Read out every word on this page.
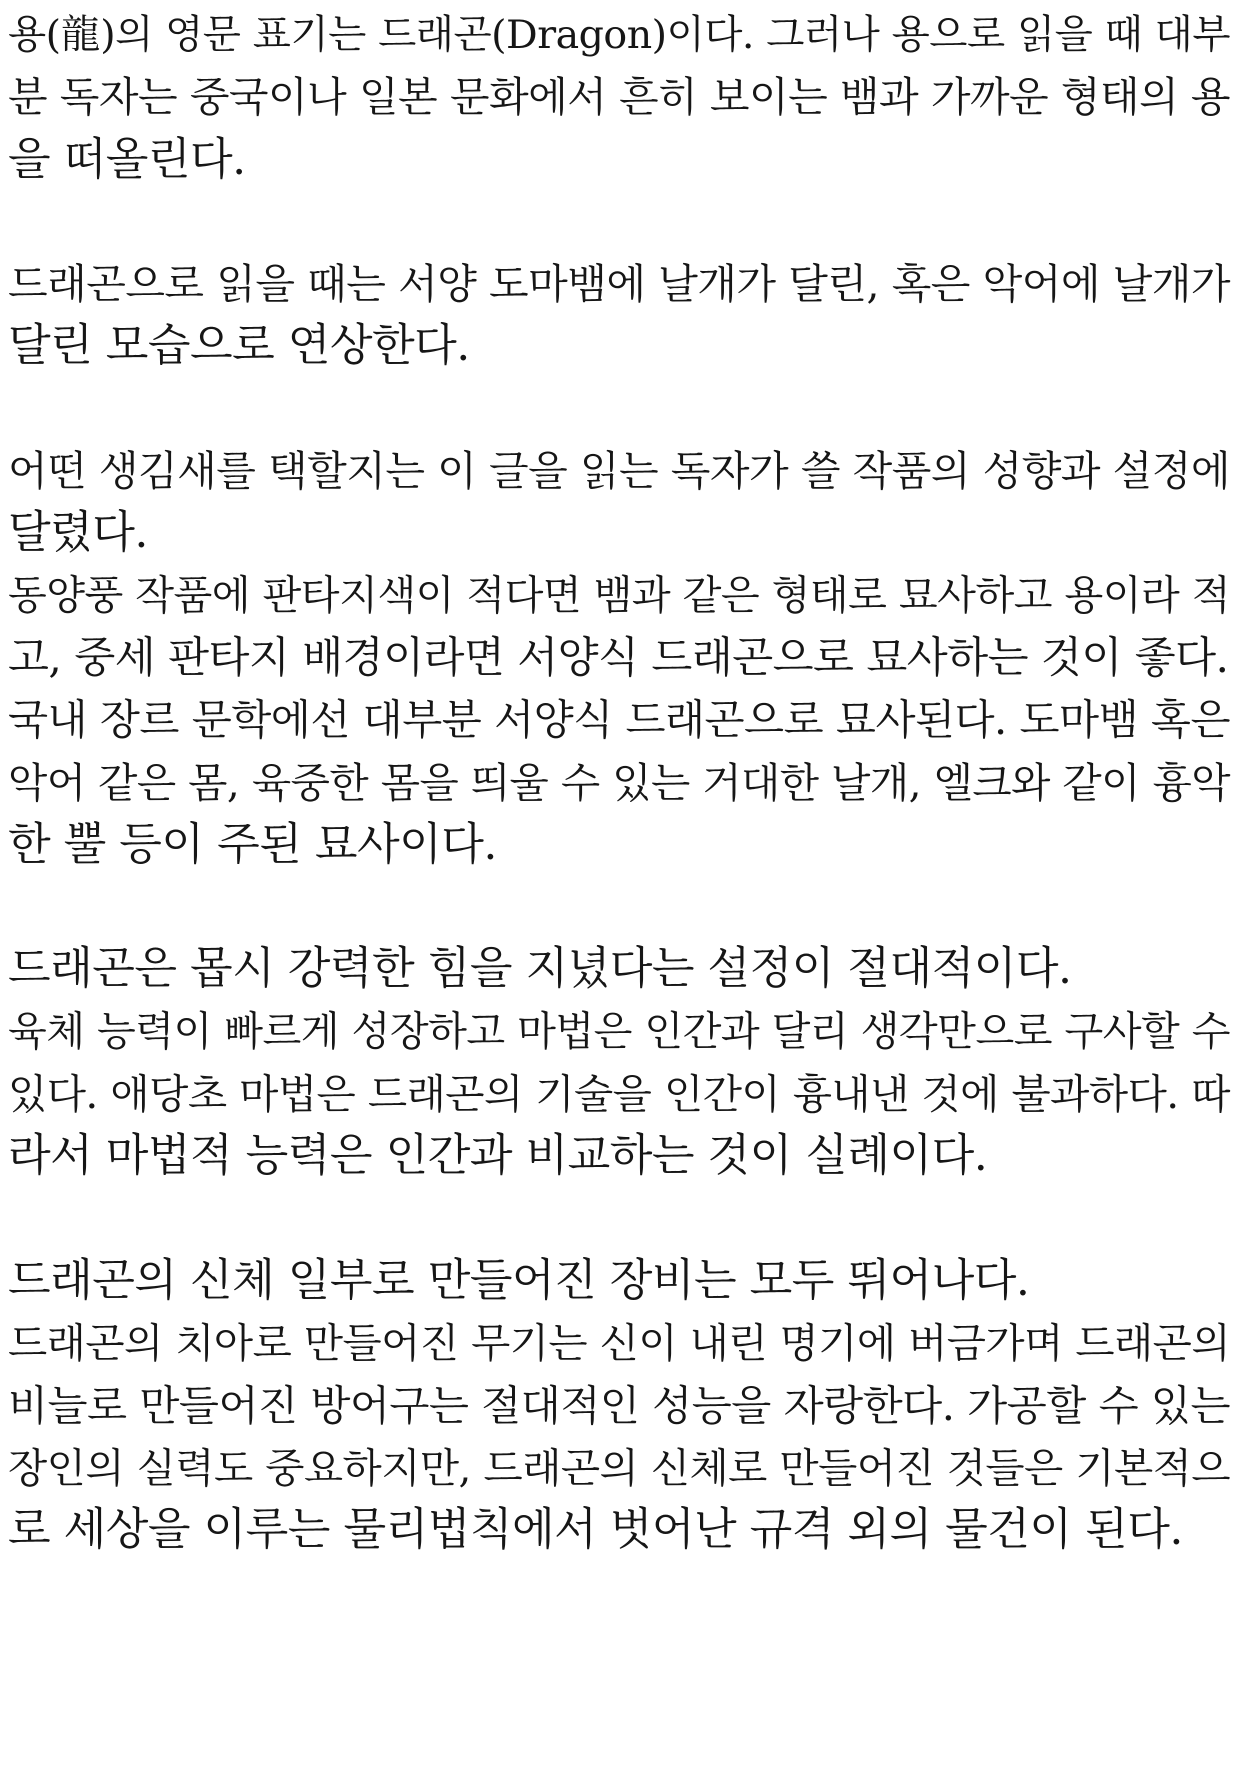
용(龍)의 영문 표기는 드래곤(Dragon)이다. 그러나 용으로 읽을 때 대부
분 독자는 중국이나 일본 문화에서 흔히 보이는 뱀과 가까운 형태의 용
을 떠올린다.
드래곤으로 읽을 때는 서양 도마뱀에 날개가 달린, 혹은 악어에 날개가
달린 모습으로 연상한다.
어떤 생김새를 택할지는 이 글을 읽는 독자가 쓸 작품의 성향과 설정에
달렸다.
동양풍 작품에 판타지색이 적다면 뱀과 같은 형태로 묘사하고 용이라 적
고, 중세 판타지 배경이라면 서양식 드래곤으로 묘사하는 것이 좋다.
국내 장르 문학에선 대부분 서양식 드래곤으로 묘사된다. 도마뱀 혹은
악어 같은 몸, 육중한 몸을 띄울 수 있는 거대한 날개, 엘크와 같이 흉악
한 뿔 등이 주된 묘사이다.
드래곤은 몹시 강력한 힘을 지녔다는 설정이 절대적이다.
육체 능력이 빠르게 성장하고 마법은 인간과 달리 생각만으로 구사할 수
있다. 애당초 마법은 드래곤의 기술을 인간이 흉내낸 것에 불과하다. 따
라서 마법적 능력은 인간과 비교하는 것이 실례이다.
드래곤의 신체 일부로 만들어진 장비는 모두 뛰어나다.
드래곤의 치아로 만들어진 무기는 신이 내린 명기에 버금가며 드래곤의
비늘로 만들어진 방어구는 절대적인 성능을 자랑한다. 가공할 수 있는
장인의 실력도 중요하지만, 드래곤의 신체로 만들어진 것들은 기본적으
로 세상을 이루는 물리법칙에서 벗어난 규격 외의 물건이 된다.
